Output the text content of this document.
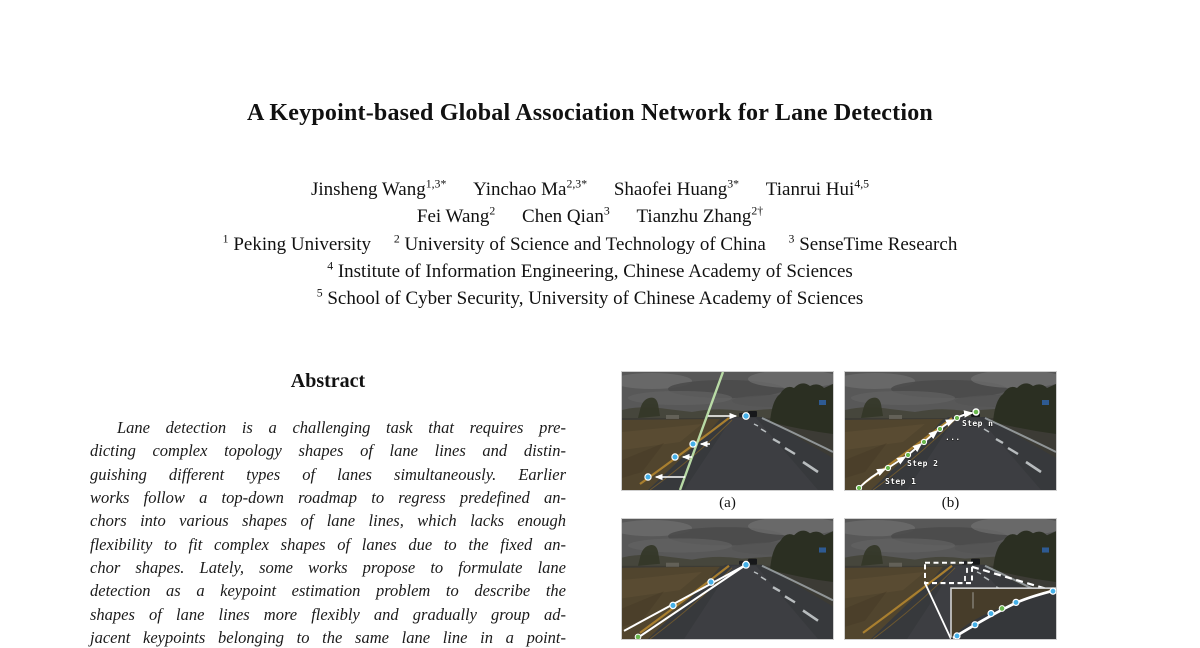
A Keypoint-based Global Association Network for Lane Detection
Jinsheng Wang$^{1,3*}$ Yinchao $Ma^{2,3*}$ Shaofei Huang$^{3*}$ Tianrui Hui$^{4,5}$
Fei Wang$^2$ Chen Qian$^3$ Tianzhu Zhang$^{2\dagger}$
$^1$ Peking University $^2$ University of Science and Technology of China $^3$ SenseTime Research
$^4$ Institute of Information Engineering, Chinese Academy of Sciences
$^5$ School of Cyber Security, University of Chinese Academy of Sciences
Abstract
Lane detection is a challenging task that requires pre-
dicting complex topology shapes of lane lines and distin-
guishing different types of lanes simultaneously. Earlier
works follow a top-down roadmap to regress predefined an-
chors into various shapes of lane lines, which lacks enough
flexibility to fit complex shapes of lanes due to the fixed an-
chor shapes. Lately, some works propose to formulate lane
detection as a keypoint estimation problem to describe the
shapes of lane lines more flexibly and gradually group ad-
jacent keypoints belonging to the same lane line in a point-
Step 1
Step 2
...
Step n
(a)	(b)
